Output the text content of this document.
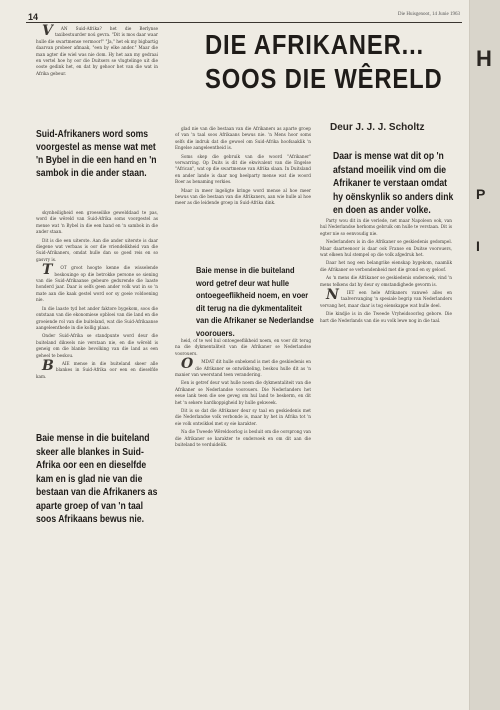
14	Die Huisgenoot, 14 Junie 1963
DIE AFRIKANER...
SOOS DIE WÊRELD
Deur J. J. J. Scholtz

V AN Suid-Afrika? het die Berlynse taxibestuurder noú gevra. "Dit is mos daar waar hulle die swartmense vermoor!" "Ja," het ek my bigbartig daarvan probeer afmaak, "een by elke ander." Maar die man agter die wiel was nie dom. Hy het aan my gedraai en vertel hoe hy oor die Duitsers se vlugtelinge uit die ooste gedink het, en dat hy gehoor het van die wat in Afrika gebeur.

Suid-Afrikaners word soms voorgestel as mense wat met 'n Bybel in die een hand en 'n sambok in die ander staan.

skynheiligheid een groeseilike gewelddaad te pas, word die wêreld van Suid-Afrika soms voorgestel as mense wat 'n Bybel in die een hand en 'n sambok in die ander staan.

Dit is die een uiterste. Aan die ander uiterste is daar diegene wat verbaas is oor die vriendelikheid van die Suid-Afrikaners, omdat hulle dan so goed reis en so gasvry is.

T OT groot hoogte kenne die wisselende beskouinge op die betrokke persone se siening van die Suid-Afrikaanse gebeure gedurende die laaste honderd jaar. Daar is selfs geen ander volk wat in so 'n mate aan die kaak gestel word oor sy goeie voldoening nie.

In die laaste tyd het ander faktore bygekom, soos die ontstaan van die ekonomiese opbloei van die land en die groeiende rol van die buiteland, wat die Suid-Afrikaanse aangeleenthede in die kollig plaas.

Onder Suid-Afrika se standpunte word deur die buiteland dikwels nie verstaan nie, en die wêreld is geneig om die blanke bevolking van die land as een geheel te beskou.

B AIE mense in die buiteland skeer alle blankes in Suid-Afrika oor een en dieselfde kam.

Baie mense in die buiteland skeer alle blankes in Suid-Afrika oor een en dieselfde kam en is glad nie van die bestaan van die Afrikaners as aparte groep of van 'n taal soos Afrikaans bewus nie.

glad nie van die bestaan van die Afrikaners as aparte groep of van 'n taal soos Afrikaans bewus nie. 'n Mens hoor soms selfs die indruk dat die gewoel om Suid-Afrika hoofsaaklik 'n Engelse aangeleentheid is.

Soms skep die gebruik van die woord "Afrikaner" verwarring. Op Duits is dit die ekwivalent van die Engelse "African", wat op die swartmense van Afrika slaan. In Duitsland en ander lande is daar nog heelparty mense wat die woord Boer as benaming verkies.

Maar in meer ingeligte kringe word mense al hoe meer bewus van die bestaan van die Afrikaners, aan wie hulle al hoe meer as die leidende groep in Suid-Afrika dink.

Baie mense in die buiteland word getref deur wat hulle ontoegeeflikheid noem, en voer dit terug na die dykmentaliteit van die Afrikaner se Nederlandse voorouers.

heid, of te wel hul ontoegeeflikheid noem, en voer dit terug na die dykmentaliteit van die Afrikaner se Nederlandse voorouers.

O MDAT dit hulle onbekend is met die geskiedenis en die Afrikaner se ontwikkeling, beskou hulle dit as 'n manier van weerstand teen verandering.

Een is getref deur wat hulle noem die dykmentaliteit van die Afrikaner se Nederlandse voorouers. Die Nederlanders het eeue lank teen die see geveg om hul land te beskerm, en dit het 'n sekere hardkoppigheid by hulle gekweek.

Dit is so dat die Afrikaner deur sy taal en geskiedenis met die Nederlandse volk verbonde is, maar hy het in Afrika tot 'n eie volk ontwikkel met sy eie karakter.

Na die Tweede Wêreldoorlog is besluit om die oorsprong van die Afrikaner se karakter te ondersoek en om dit aan die buiteland te verduidelik.

Daar is mense wat dit op 'n afstand moeilik vind om die Afrikaner te verstaan omdat hy oënskynlik so anders dink en doen as ander volke.

Party wou dit in die verlede, net maar Napoleon ook, van hul Nederlandse herkoms gebruik om hulle te verstaan. Dit is egter nie so eenvoudig nie.

Nederlanders is in die Afrikaner se geskiedenis gedompel. Maar daarteenoor is daar ook Franse en Duitse voorouers, wat elkeen hul stempel op die volk afgedruk het.

Daar het nog een belangrike eienskap bygekom, naamlik die Afrikaner se verbondenheid met die grond en sy geloof.

As 'n mens die Afrikaner se geskiedenis ondersoek, vind 'n mens telkens dat hy deur sy omstandighede gevorm is.

N IET een hele Afrikaners vanweë alles en taalvervanging 'n spesiale begrip van Nederlanders vervang het, maar daar is tog eienskappe wat hulle deel.

Die kindjie is in die Tweede Vryheidsoorlog gebore. Die hart die Nederlands van die ou volk lewe nog in die taal.

H
P
I
